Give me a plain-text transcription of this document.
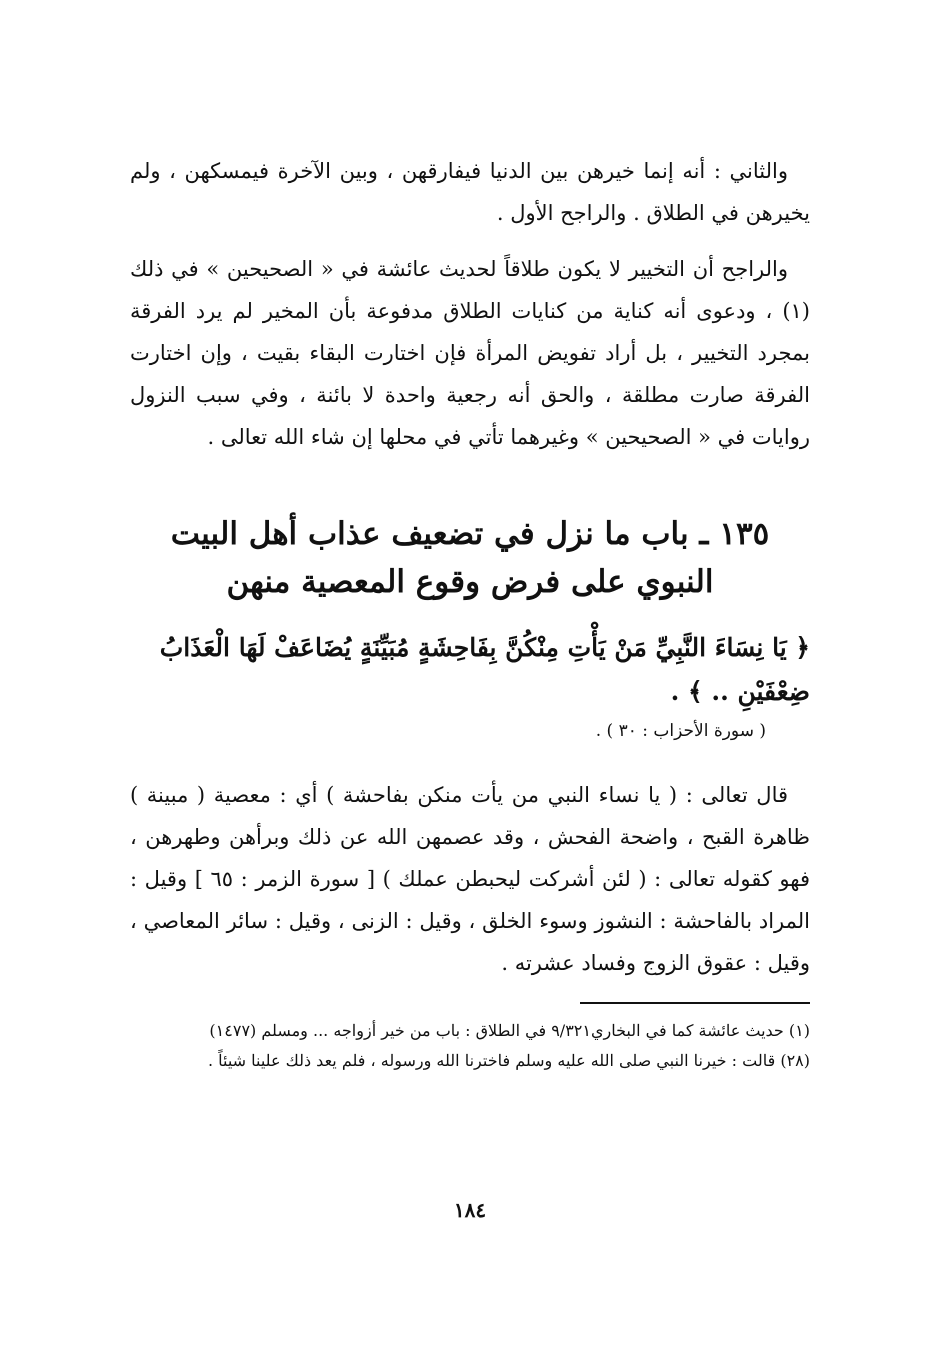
والثاني : أنه إنما خيرهن بين الدنيا فيفارقهن ، وبين الآخرة فيمسكهن ، ولم يخيرهن في الطلاق . والراجح الأول .

والراجح أن التخيير لا يكون طلاقاً لحديث عائشة في « الصحيحين » في ذلك (١) ، ودعوى أنه كناية من كنايات الطلاق مدفوعة بأن المخير لم يرد الفرقة بمجرد التخيير ، بل أراد تفويض المرأة فإن اختارت البقاء بقيت ، وإن اختارت الفرقة صارت مطلقة ، والحق أنه رجعية واحدة لا بائنة ، وفي سبب النزول روايات في « الصحيحين » وغيرهما تأتي في محلها إن شاء الله تعالى .

١٣٥ ـ باب ما نزل في تضعيف عذاب أهل البيت النبوي على فرض وقوع المعصية منهن

﴿ يَا نِسَاءَ النَّبِيِّ مَنْ يَأْتِ مِنْكُنَّ بِفَاحِشَةٍ مُبَيِّنَةٍ يُضَاعَفْ لَهَا الْعَذَابُ ضِعْفَيْنِ .. ﴾ .

( سورة الأحزاب : ٣٠ ) .

قال تعالى : ( يا نساء النبي من يأت منكن بفاحشة ) أي : معصية ( مبينة ) ظاهرة القبح ، واضحة الفحش ، وقد عصمهن الله عن ذلك وبرأهن وطهرهن ، فهو كقوله تعالى : ( لئن أشركت ليحبطن عملك ) [ سورة الزمر : ٦٥ ] وقيل : المراد بالفاحشة : النشوز وسوء الخلق ، وقيل : الزنى ، وقيل : سائر المعاصي ، وقيل : عقوق الزوج وفساد عشرته .

(١) حديث عائشة كما في البخاري٩/٣٢١ في الطلاق : باب من خير أزواجه ... ومسلم (١٤٧٧)

(٢٨) قالت : خيرنا النبي صلى الله عليه وسلم فاخترنا الله ورسوله ، فلم يعد ذلك علينا شيئاً .

١٨٤
